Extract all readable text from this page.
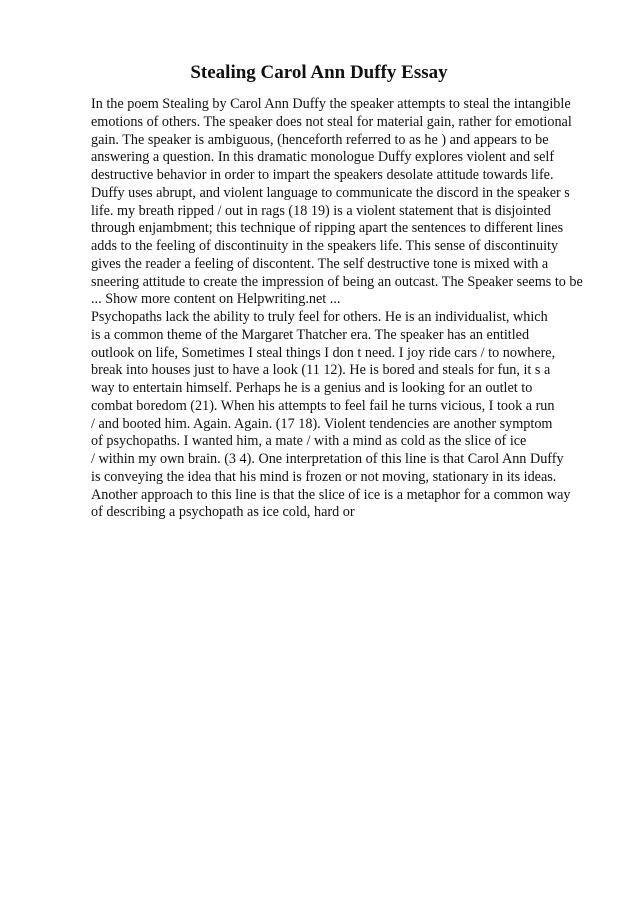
Stealing Carol Ann Duffy Essay
In the poem Stealing by Carol Ann Duffy the speaker attempts to steal the intangible
emotions of others. The speaker does not steal for material gain, rather for emotional
gain. The speaker is ambiguous, (henceforth referred to as he ) and appears to be
answering a question. In this dramatic monologue Duffy explores violent and self
destructive behavior in order to impart the speakers desolate attitude towards life.
Duffy uses abrupt, and violent language to communicate the discord in the speaker s
life. my breath ripped / out in rags (18 19) is a violent statement that is disjointed
through enjambment; this technique of ripping apart the sentences to different lines
adds to the feeling of discontinuity in the speakers life. This sense of discontinuity
gives the reader a feeling of discontent. The self destructive tone is mixed with a
sneering attitude to create the impression of being an outcast. The Speaker seems to be
... Show more content on Helpwriting.net ...
Psychopaths lack the ability to truly feel for others. He is an individualist, which
is a common theme of the Margaret Thatcher era. The speaker has an entitled
outlook on life, Sometimes I steal things I don t need. I joy ride cars / to nowhere,
break into houses just to have a look (11 12). He is bored and steals for fun, it s a
way to entertain himself. Perhaps he is a genius and is looking for an outlet to
combat boredom (21). When his attempts to feel fail he turns vicious, I took a run
/ and booted him. Again. Again. (17 18). Violent tendencies are another symptom
of psychopaths. I wanted him, a mate / with a mind as cold as the slice of ice
/ within my own brain. (3 4). One interpretation of this line is that Carol Ann Duffy
is conveying the idea that his mind is frozen or not moving, stationary in its ideas.
Another approach to this line is that the slice of ice is a metaphor for a common way
of describing a psychopath as ice cold, hard or
